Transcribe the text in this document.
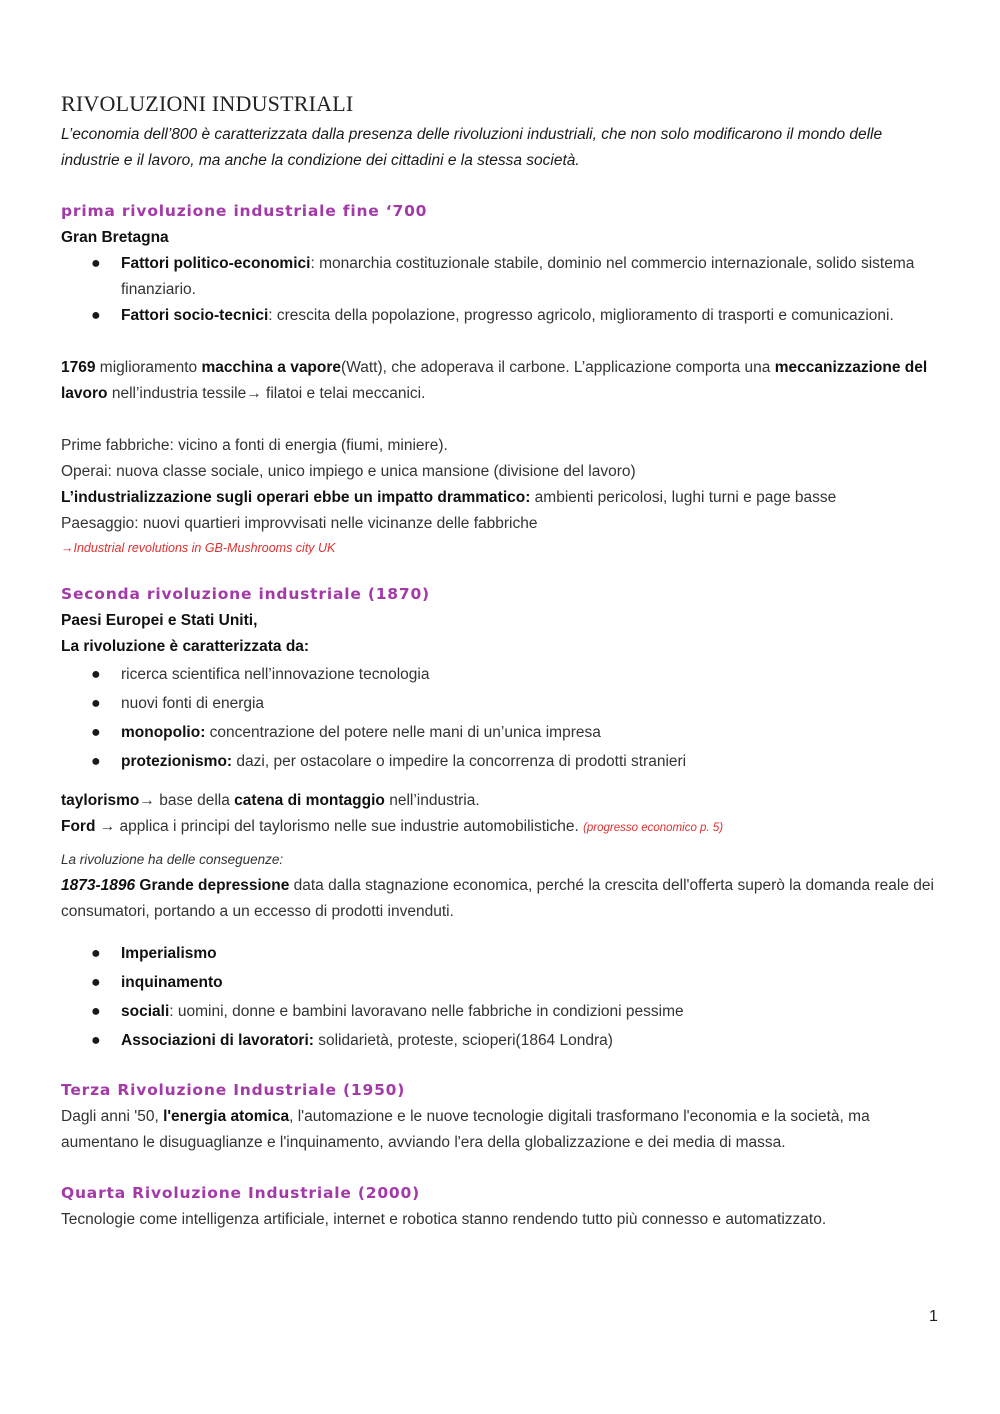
RIVOLUZIONI INDUSTRIALI

L’economia dell’800 è caratterizzata dalla presenza delle rivoluzioni industriali, che non solo modificarono il mondo delle industrie e il lavoro, ma anche la condizione dei cittadini e la stessa società.

prima rivoluzione industriale fine ‘700

Gran Bretagna

● Fattori politico-economici: monarchia costituzionale stabile, dominio nel commercio internazionale, solido sistema finanziario.
● Fattori socio-tecnici: crescita della popolazione, progresso agricolo, miglioramento di trasporti e comunicazioni.

1769 miglioramento macchina a vapore(Watt), che adoperava il carbone. L’applicazione comporta una meccanizzazione del lavoro nell’industria tessile→ filatoi e telai meccanici.

Prime fabbriche: vicino a fonti di energia (fiumi, miniere).

Operai: nuova classe sociale, unico impiego e unica mansione (divisione del lavoro)

L’industrializzazione sugli operari ebbe un impatto drammatico: ambienti pericolosi, lughi turni e page basse

Paesaggio: nuovi quartieri improvvisati nelle vicinanze delle fabbriche

→Industrial revolutions in GB-Mushrooms city UK

Seconda rivoluzione industriale (1870)

Paesi Europei e Stati Uniti,

La rivoluzione è caratterizzata da:

● ricerca scientifica nell’innovazione tecnologia
● nuovi fonti di energia
● monopolio: concentrazione del potere nelle mani di un’unica impresa
● protezionismo: dazi, per ostacolare o impedire la concorrenza di prodotti stranieri

taylorismo→ base della catena di montaggio nell’industria.

Ford → applica i principi del taylorismo nelle sue industrie automobilistiche. (progresso economico p. 5)

La rivoluzione ha delle conseguenze:

1873-1896 Grande depressione data dalla stagnazione economica, perché la crescita dell'offerta superò la domanda reale dei consumatori, portando a un eccesso di prodotti invenduti.

● Imperialismo
● inquinamento
● sociali: uomini, donne e bambini lavoravano nelle fabbriche in condizioni pessime
● Associazioni di lavoratori: solidarietà, proteste, scioperi(1864 Londra)
Terza Rivoluzione Industriale (1950)

Dagli anni '50, l'energia atomica, l'automazione e le nuove tecnologie digitali trasformano l'economia e la società, ma aumentano le disuguaglianze e l'inquinamento, avviando l'era della globalizzazione e dei media di massa.

Quarta Rivoluzione Industriale (2000)

Tecnologie come intelligenza artificiale, internet e robotica stanno rendendo tutto più connesso e automatizzato.

1
